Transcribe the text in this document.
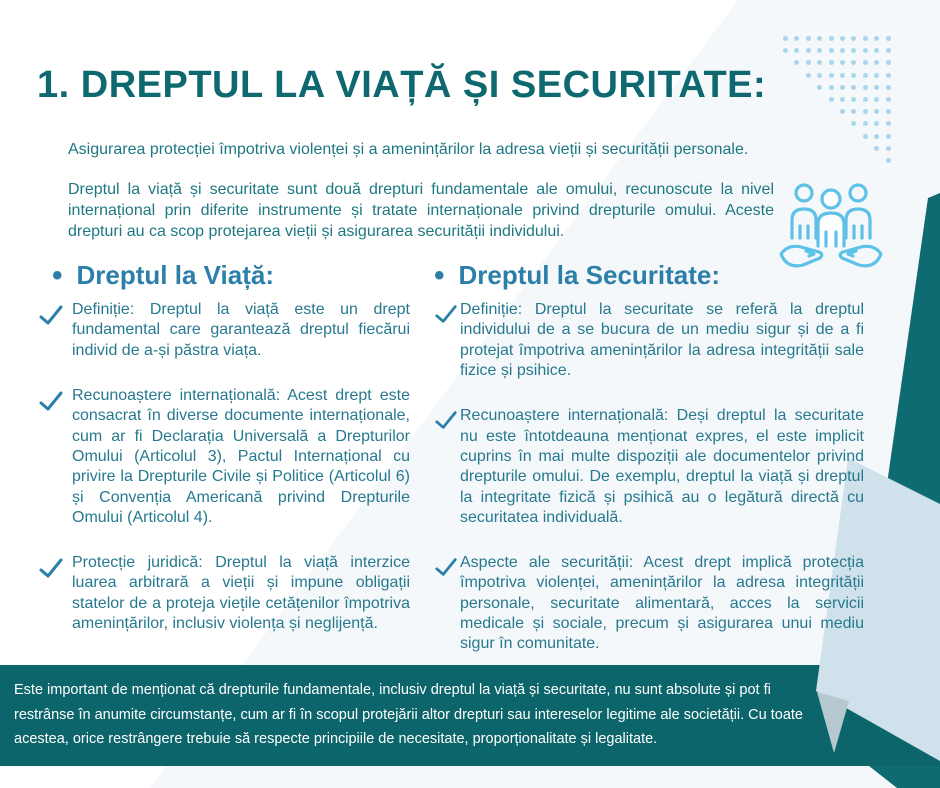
1. DREPTUL LA VIAȚĂ ȘI SECURITATE:
Asigurarea protecției împotriva violenței și a amenințărilor la adresa vieții și securității personale.
Dreptul la viață și securitate sunt două drepturi fundamentale ale omului, recunoscute la nivel internațional prin diferite instrumente și tratate internaționale privind drepturile omului. Aceste drepturi au ca scop protejarea vieții și asigurarea securității individului.
• Dreptul la Viață:

Definiție: Dreptul la viață este un drept fundamental care garantează dreptul fiecărui individ de a-și păstra viața.

Recunoaștere internațională: Acest drept este consacrat în diverse documente internaționale, cum ar fi Declarația Universală a Drepturilor Omului (Articolul 3), Pactul Internațional cu privire la Drepturile Civile și Politice (Articolul 6) și Convenția Americană privind Drepturile Omului (Articolul 4).

Protecție juridică: Dreptul la viață interzice luarea arbitrară a vieții și impune obligații statelor de a proteja viețile cetățenilor împotriva amenințărilor, inclusiv violența și neglijență.

• Dreptul la Securitate:

Definiție: Dreptul la securitate se referă la dreptul individului de a se bucura de un mediu sigur și de a fi protejat împotriva amenințărilor la adresa integrității sale fizice și psihice.

Recunoaștere internațională: Deși dreptul la securitate nu este întotdeauna menționat expres, el este implicit cuprins în mai multe dispoziții ale documentelor privind drepturile omului. De exemplu, dreptul la viață și dreptul la integritate fizică și psihică au o legătură directă cu securitatea individuală.

Aspecte ale securității: Acest drept implică protecția împotriva violenței, amenințărilor la adresa integrității personale, securitate alimentară, acces la servicii medicale și sociale, precum și asigurarea unui mediu sigur în comunitate.

Este important de menționat că drepturile fundamentale, inclusiv dreptul la viață și securitate, nu sunt absolute și pot fi restrânse în anumite circumstanțe, cum ar fi în scopul protejării altor drepturi sau intereselor legitime ale societății. Cu toate acestea, orice restrângere trebuie să respecte principiile de necesitate, proporționalitate și legalitate.
